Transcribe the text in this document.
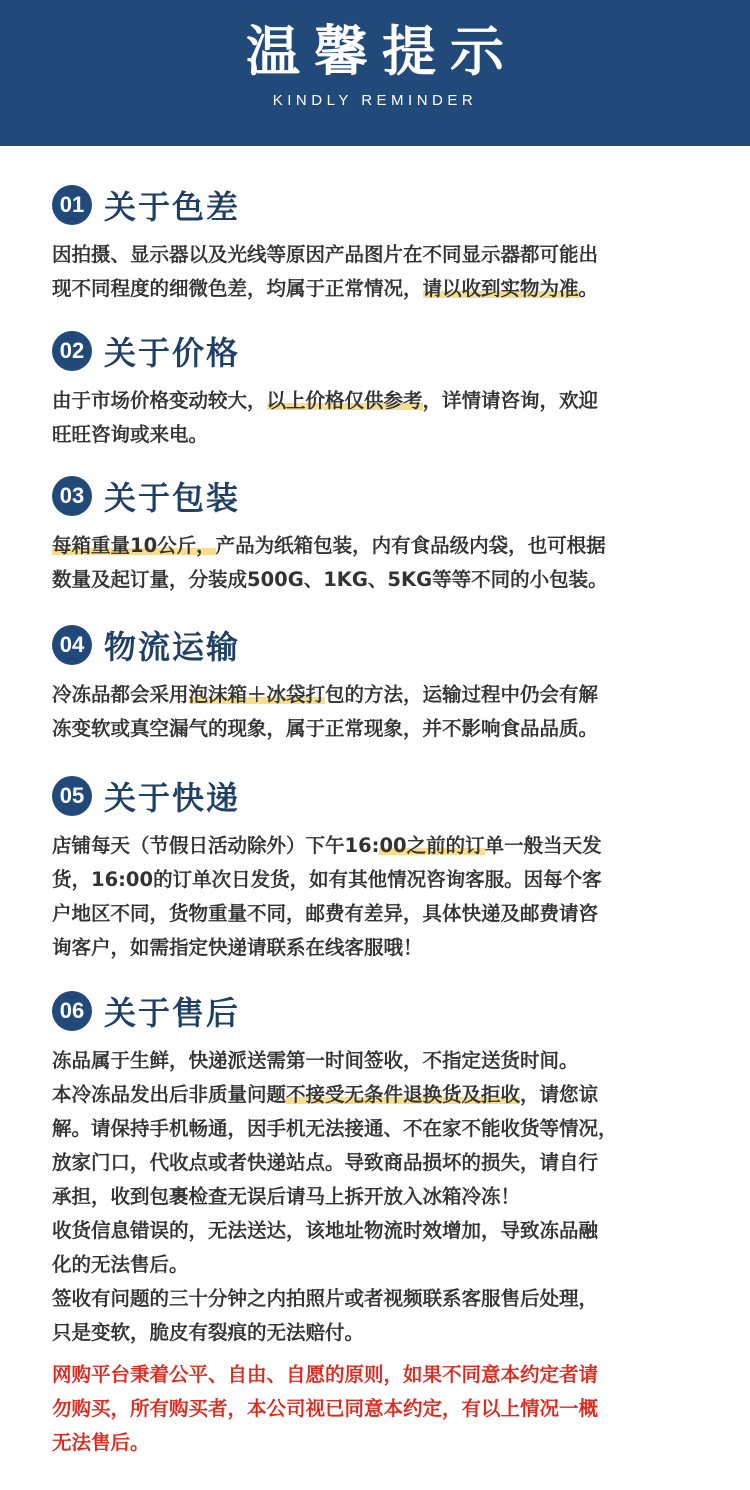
温馨提示
KINDLY REMINDER
01 关于色差

因拍摄、显示器以及光线等原因产品图片在不同显示器都可能出

现不同程度的细微色差，均属于正常情况，请以收到实物为准。

02 关于价格

由于市场价格变动较大，以上价格仅供参考，详情请咨询，欢迎

旺旺咨询或来电。

03 关于包装

每箱重量10公斤，产品为纸箱包装，内有食品级内袋，也可根据

数量及起订量，分装成500G、1KG、5KG等等不同的小包装。

04 物流运输

冷冻品都会采用泡沫箱＋冰袋打包的方法，运输过程中仍会有解

冻变软或真空漏气的现象，属于正常现象，并不影响食品品质。

05 关于快递

店铺每天（节假日活动除外）下午16:00之前的订单一般当天发

货，16:00的订单次日发货，如有其他情况咨询客服。因每个客

户地区不同，货物重量不同，邮费有差异，具体快递及邮费请咨

询客户，如需指定快递请联系在线客服哦！

06 关于售后

冻品属于生鲜，快递派送需第一时间签收，不指定送货时间。

本冷冻品发出后非质量问题不接受无条件退换货及拒收，请您谅

解。请保持手机畅通，因手机无法接通、不在家不能收货等情况，

放家门口，代收点或者快递站点。导致商品损坏的损失，请自行

承担，收到包裹检查无误后请马上拆开放入冰箱冷冻！

收货信息错误的，无法送达，该地址物流时效增加，导致冻品融

化的无法售后。

签收有问题的三十分钟之内拍照片或者视频联系客服售后处理，

只是变软，脆皮有裂痕的无法赔付。

网购平台秉着公平、自由、自愿的原则，如果不同意本约定者请

勿购买，所有购买者，本公司视已同意本约定，有以上情况一概

无法售后。
